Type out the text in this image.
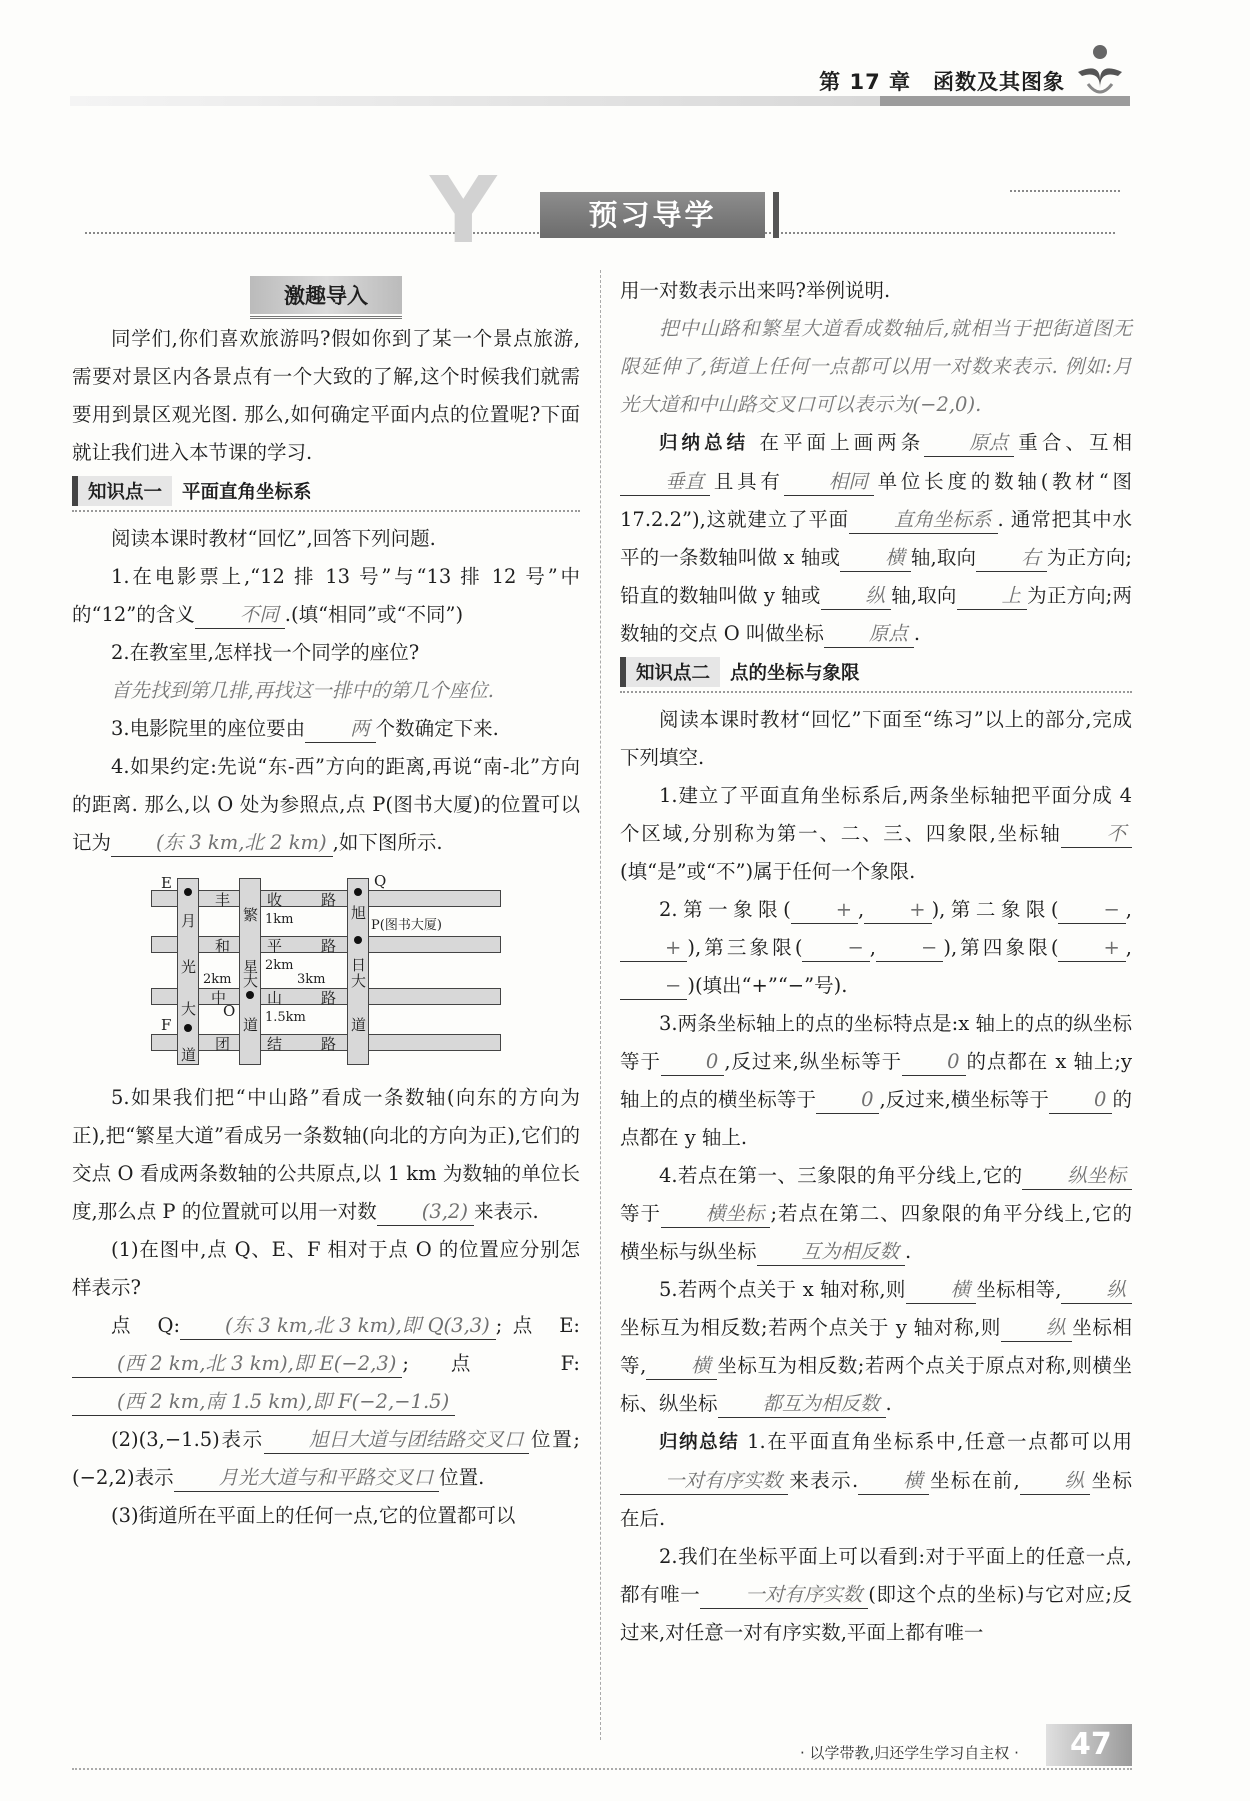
第 17 章　函数及其图象
Y	预习导学
激趣导入

同学们,你们喜欢旅游吗?假如你到了某一个景点旅游,需要对景区内各景点有一个大致的了解,这个时候我们就需要用到景区观光图. 那么,如何确定平面内点的位置呢?下面就让我们进入本节课的学习.

知识点一	平面直角坐标系

阅读本课时教材“回忆”,回答下列问题.

1.在电影票上,“12 排 13 号”与“13 排 12 号”中的“12”的含义 不同 .(填“相同”或“不同”)

2.在教室里,怎样找一个同学的座位?

首先找到第几排,再找这一排中的第几个座位.

3.电影院里的座位要由 两 个数确定下来.

4.如果约定:先说“东-西”方向的距离,再说“南-北”方向的距离. 那么,以 O 处为参照点,点 P(图书大厦)的位置可以记为 (东 3 km,北 2 km) ,如下图所示.

E	Q
F
O
P(图书大厦)
丰 收	路
和 平	路
中	山	路
团 结	路
月
光
大
道
繁
星
大
道
旭
日
大
道
1km
2km
2km
3km
1.5km

5.如果我们把“中山路”看成一条数轴(向东的方向为正),把“繁星大道”看成另一条数轴(向北的方向为正),它们的交点 O 看成两条数轴的公共原点,以 1 km 为数轴的单位长度,那么点 P 的位置就可以用一对数 (3,2) 来表示.

(1)在图中,点 Q、E、F 相对于点 O 的位置应分别怎样表示?

点 Q: (东 3 km,北 3 km),即 Q(3,3) ;点 E:(西 2 km,北 3 km),即 E(−2,3) ;点 F:(西 2 km,南 1.5 km),即 F(−2,−1.5)

(2)(3,−1.5)表示 旭日大道与团结路交叉口 位置;(−2,2)表示 月光大道与和平路交叉口 位置.

(3)街道所在平面上的任何一点,它的位置都可以

用一对数表示出来吗?举例说明.

把中山路和繁星大道看成数轴后,就相当于把街道图无限延伸了,街道上任何一点都可以用一对数来表示. 例如:月光大道和中山路交叉口可以表示为(−2,0).

归纳总结 在平面上画两条 原点 重合、互相垂直 且具有 相同 单位长度的数轴(教材“图 17.2.2”),这就建立了平面 直角坐标系 . 通常把其中水平的一条数轴叫做 x 轴或 横 轴,取向 右 为正方向;铅直的数轴叫做 y 轴或 纵 轴,取向 上 为正方向;两数轴的交点 O 叫做坐标 原点 .

知识点二	点的坐标与象限

阅读本课时教材“回忆”下面至“练习”以上的部分,完成下列填空.

1.建立了平面直角坐标系后,两条坐标轴把平面分成 4 个区域,分别称为第一、二、三、四象限,坐标轴 不(填“是”或“不”)属于任何一个象限.

2.第一象限( + , + ),第二象限( − ,+ ),第三象限( − , − ),第四象限( + ,− )(填出“+”“−”号).

3.两条坐标轴上的点的坐标特点是:x 轴上的点的纵坐标等于 0 ,反过来,纵坐标等于 0 的点都在 x 轴上;y 轴上的点的横坐标等于 0 ,反过来,横坐标等于 0 的点都在 y 轴上.

4.若点在第一、三象限的角平分线上,它的 纵坐标等于 横坐标 ;若点在第二、四象限的角平分线上,它的横坐标与纵坐标 互为相反数 .

5.若两个点关于 x 轴对称,则 横 坐标相等, 纵坐标互为相反数;若两个点关于 y 轴对称,则 纵 坐标相等, 横 坐标互为相反数;若两个点关于原点对称,则横坐标、纵坐标 都互为相反数 .

归纳总结 1.在平面直角坐标系中,任意一点都可以用一对有序实数 来表示. 横 坐标在前, 纵 坐标在后.

2.我们在坐标平面上可以看到:对于平面上的任意一点,都有唯一 一对有序实数 (即这个点的坐标)与它对应;反过来,对任意一对有序实数,平面上都有唯一

· 以学带教,归还学生学习自主权 · 47
